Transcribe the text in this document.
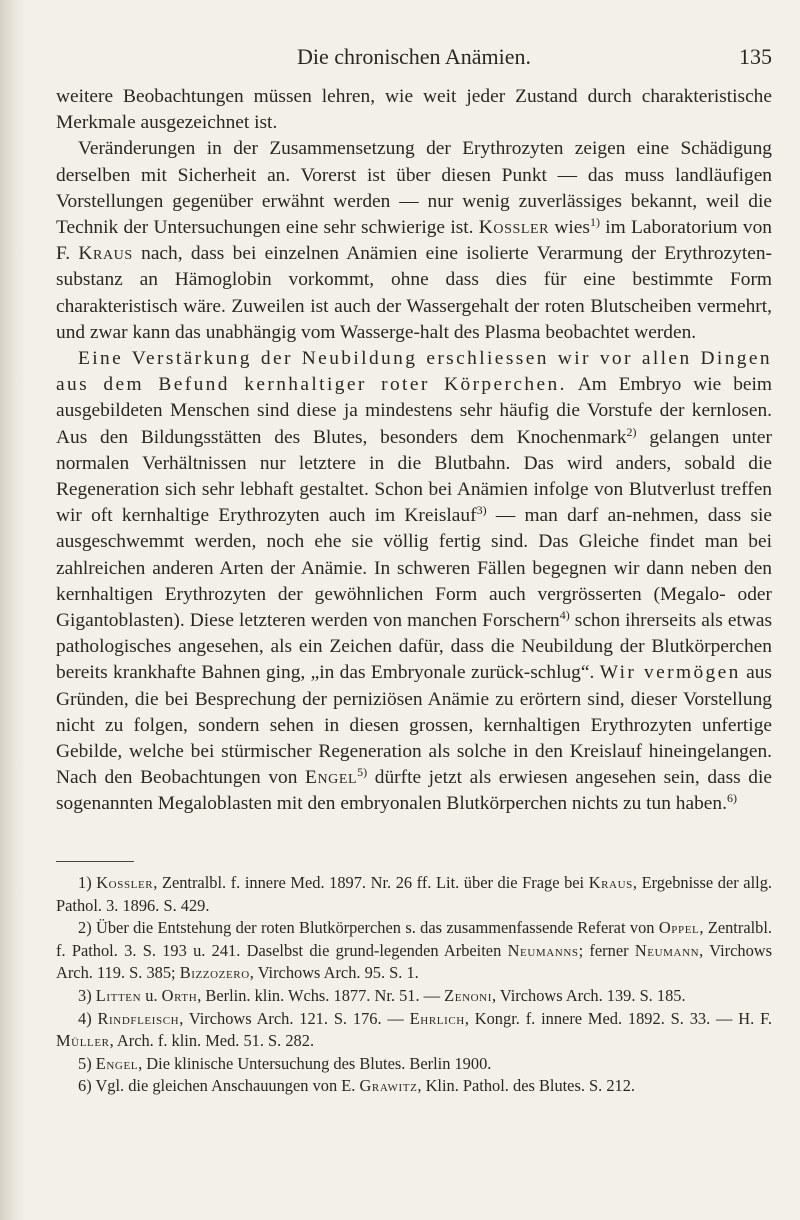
Die chronischen Anämien.	135

weitere Beobachtungen müssen lehren, wie weit jeder Zustand durch charakteristische Merkmale ausgezeichnet ist.

Veränderungen in der Zusammensetzung der Erythrozyten zeigen eine Schädigung derselben mit Sicherheit an. Vorerst ist über diesen Punkt — das muss landläufigen Vorstellungen gegenüber erwähnt werden — nur wenig zuverlässiges bekannt, weil die Technik der Untersuchungen eine sehr schwierige ist. Kossler wies$^{1)}$ im Laboratorium von F. Kraus nach, dass bei einzelnen Anämien eine isolierte Verarmung der Erythrozyten-substanz an Hämoglobin vorkommt, ohne dass dies für eine bestimmte Form charakteristisch wäre. Zuweilen ist auch der Wassergehalt der roten Blutscheiben vermehrt, und zwar kann das unabhängig vom Wasserge-halt des Plasma beobachtet werden.

Eine Verstärkung der Neubildung erschliessen wir vor allen Dingen aus dem Befund kernhaltiger roter Körperchen. Am Embryo wie beim ausgebildeten Menschen sind diese ja mindestens sehr häufig die Vorstufe der kernlosen. Aus den Bildungsstätten des Blutes, besonders dem Knochenmark$^{2)}$ gelangen unter normalen Verhältnissen nur letztere in die Blutbahn. Das wird anders, sobald die Regeneration sich sehr lebhaft gestaltet. Schon bei Anämien infolge von Blutverlust treffen wir oft kernhaltige Erythrozyten auch im Kreislauf$^{3)}$ — man darf an-nehmen, dass sie ausgeschwemmt werden, noch ehe sie völlig fertig sind. Das Gleiche findet man bei zahlreichen anderen Arten der Anämie. In schweren Fällen begegnen wir dann neben den kernhaltigen Erythrozyten der gewöhnlichen Form auch vergrösserten (Megalo- oder Gigantoblasten). Diese letzteren werden von manchen Forschern$^{4)}$ schon ihrerseits als etwas pathologisches angesehen, als ein Zeichen dafür, dass die Neubildung der Blutkörperchen bereits krankhafte Bahnen ging, „in das Embryonale zurück-schlug“. Wir vermögen aus Gründen, die bei Besprechung der perniziösen Anämie zu erörtern sind, dieser Vorstellung nicht zu folgen, sondern sehen in diesen grossen, kernhaltigen Erythrozyten unfertige Gebilde, welche bei stürmischer Regeneration als solche in den Kreislauf hineingelangen. Nach den Beobachtungen von Engel$^{5)}$ dürfte jetzt als erwiesen angesehen sein, dass die sogenannten Megaloblasten mit den embryonalen Blutkörperchen nichts zu tun haben.$^{6)}$

1) Kossler, Zentralbl. f. innere Med. 1897. Nr. 26 ff. Lit. über die Frage bei Kraus, Ergebnisse der allg. Pathol. 3. 1896. S. 429.

2) Über die Entstehung der roten Blutkörperchen s. das zusammenfassende Referat von Oppel, Zentralbl. f. Pathol. 3. S. 193 u. 241. Daselbst die grund-legenden Arbeiten Neumanns; ferner Neumann, Virchows Arch. 119. S. 385; Bizzozero, Virchows Arch. 95. S. 1.

3) Litten u. Orth, Berlin. klin. Wchs. 1877. Nr. 51. — Zenoni, Virchows Arch. 139. S. 185.

4) Rindfleisch, Virchows Arch. 121. S. 176. — Ehrlich, Kongr. f. innere Med. 1892. S. 33. — H. F. Müller, Arch. f. klin. Med. 51. S. 282.

5) Engel, Die klinische Untersuchung des Blutes. Berlin 1900.

6) Vgl. die gleichen Anschauungen von E. Grawitz, Klin. Pathol. des Blutes. S. 212.
